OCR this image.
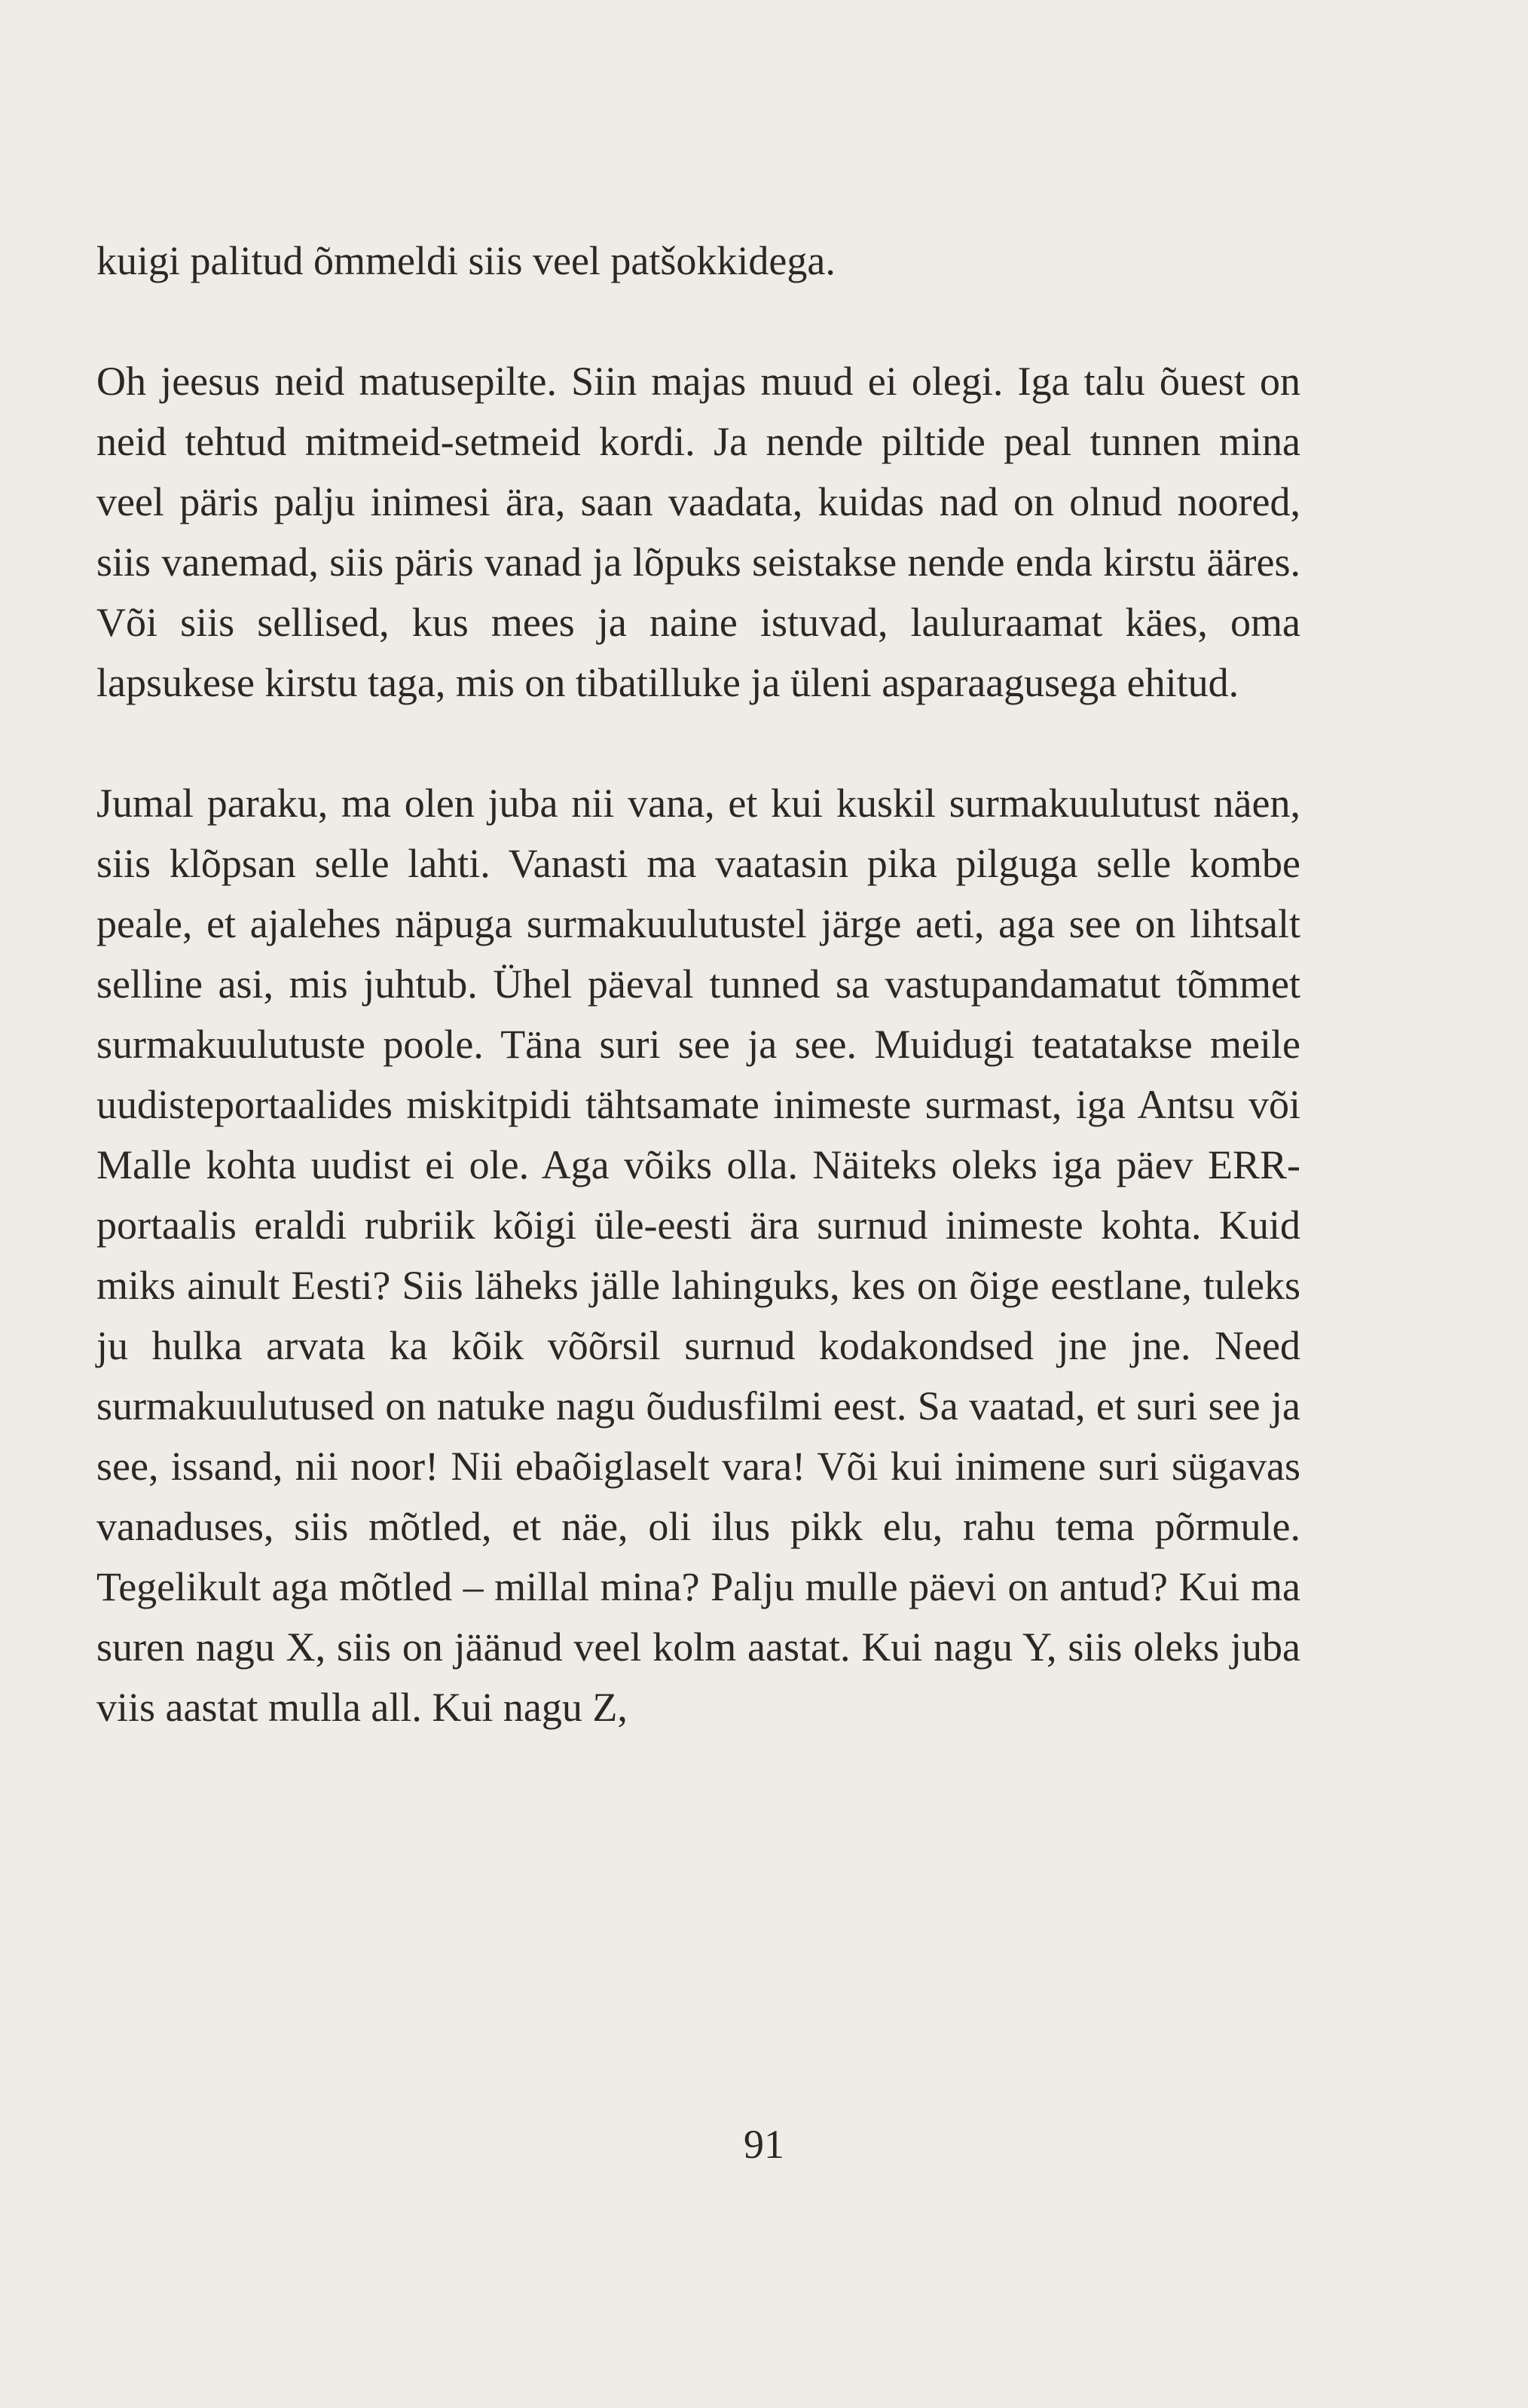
kuigi palitud õmmeldi siis veel patšokkidega.

Oh jeesus neid matusepilte. Siin majas muud ei olegi. Iga talu õuest on neid tehtud mitmeid-setmeid kordi. Ja nende piltide peal tunnen mina veel päris palju inimesi ära, saan vaadata, kuidas nad on olnud noored, siis vanemad, siis päris vanad ja lõpuks seistakse nende enda kirstu ääres. Või siis sellised, kus mees ja naine istuvad, lauluraamat käes, oma lapsukese kirstu taga, mis on tibatilluke ja üleni asparaagusega ehitud.

Jumal paraku, ma olen juba nii vana, et kui kuskil surmakuulutust näen, siis klõpsan selle lahti. Vanasti ma vaatasin pika pilguga selle kombe peale, et ajalehes näpuga surmakuulutustel järge aeti, aga see on lihtsalt selline asi, mis juhtub. Ühel päeval tunned sa vastupandamatut tõmmet surmakuulutuste poole. Täna suri see ja see. Muidugi teatatakse meile uudisteportaalides miskitpidi tähtsamate inimeste surmast, iga Antsu või Malle kohta uudist ei ole. Aga võiks olla. Näiteks oleks iga päev ERR-portaalis eraldi rubriik kõigi üle-eesti ära surnud inimeste kohta. Kuid miks ainult Eesti? Siis läheks jälle lahinguks, kes on õige eestlane, tuleks ju hulka arvata ka kõik võõrsil surnud kodakondsed jne jne. Need surmakuulutused on natuke nagu õudusfilmi eest. Sa vaatad, et suri see ja see, issand, nii noor! Nii ebaõiglaselt vara! Või kui inimene suri sügavas vanaduses, siis mõtled, et näe, oli ilus pikk elu, rahu tema põrmule. Tegelikult aga mõtled – millal mina? Palju mulle päevi on antud? Kui ma suren nagu X, siis on jäänud veel kolm aastat. Kui nagu Y, siis oleks juba viis aastat mulla all. Kui nagu Z,

91
